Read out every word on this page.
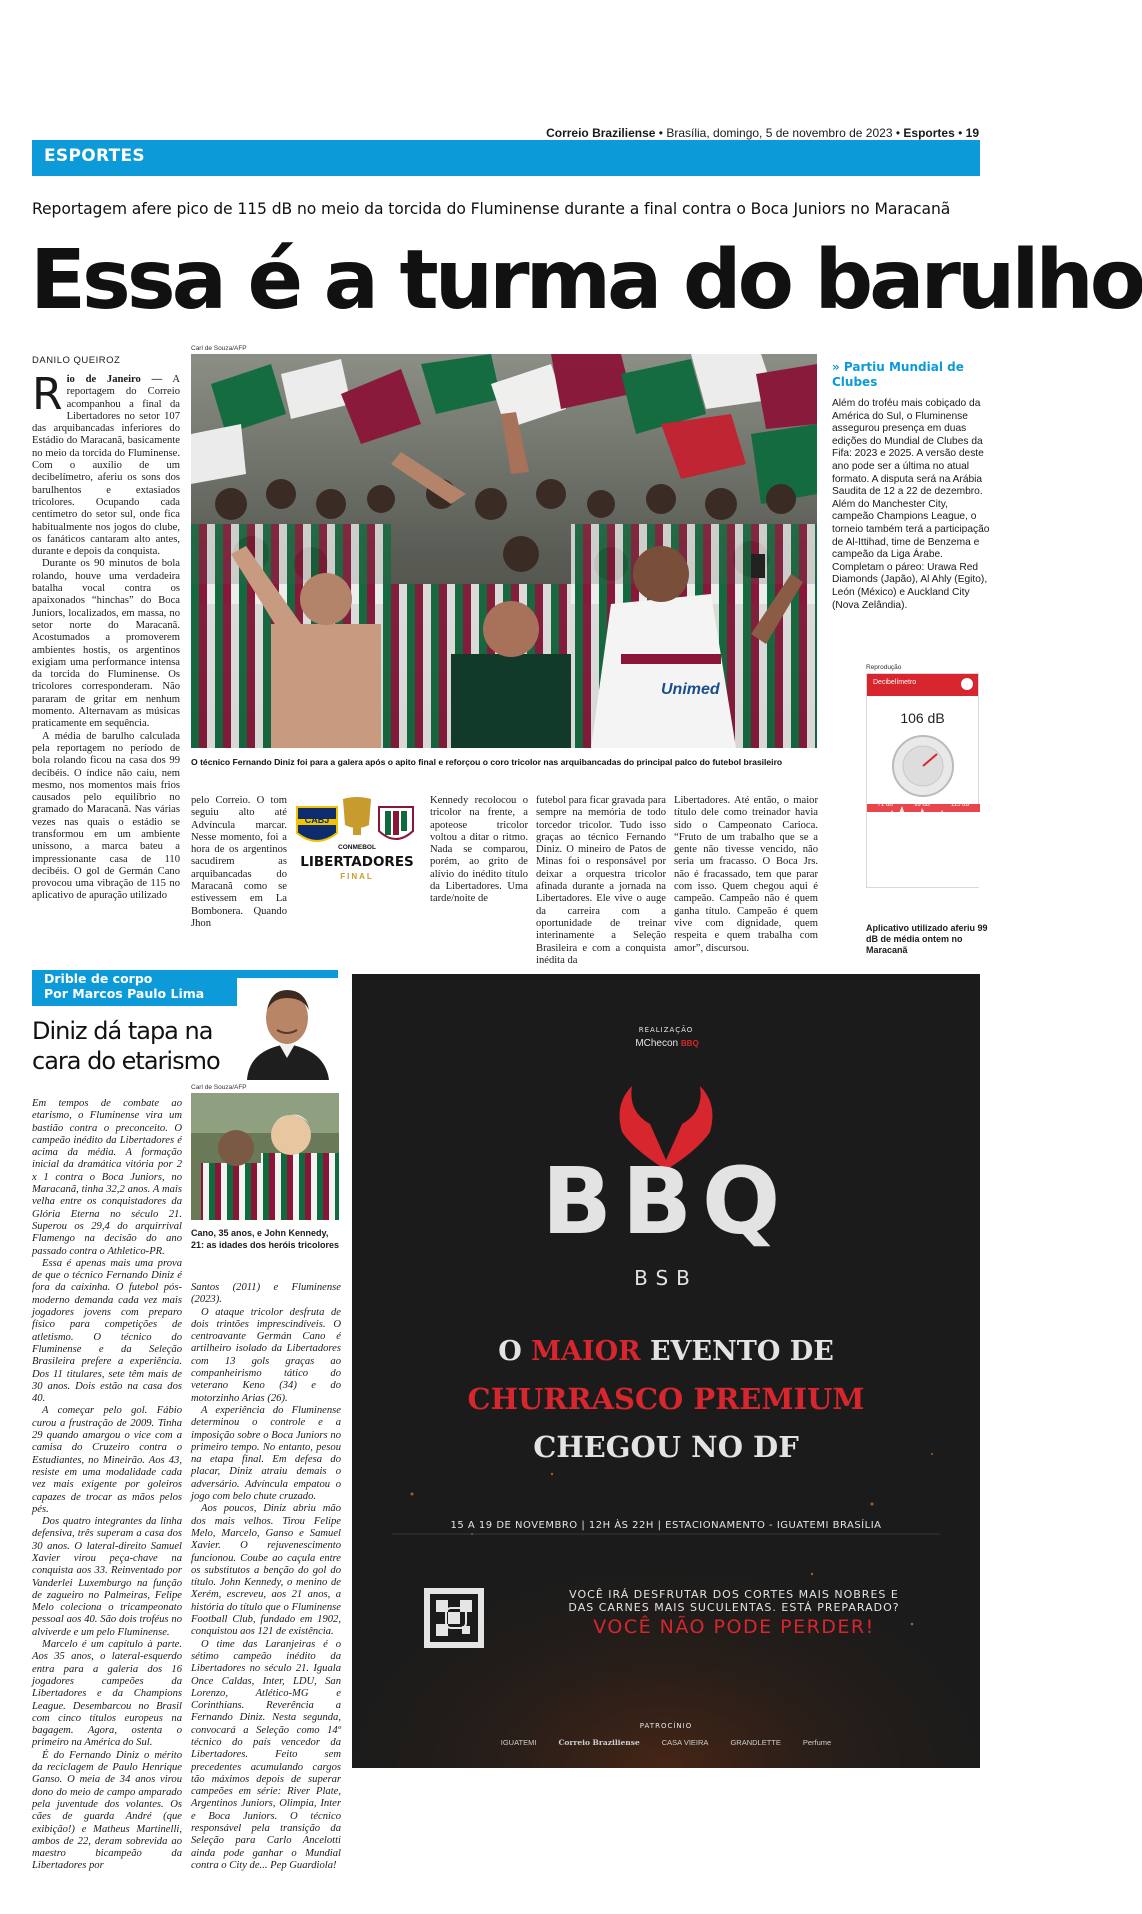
Correio Braziliense • Brasília, domingo, 5 de novembro de 2023 • Esportes • 19
ESPORTES
Reportagem afere pico de 115 dB no meio da torcida do Fluminense durante a final contra o Boca Juniors no Maracanã
Essa é a turma do barulho
DANILO QUEIROZ

Rio de Janeiro — A reportagem do Correio acompanhou a final da Libertadores no setor 107 das arquibancadas inferiores do Estádio do Maracanã, basicamente no meio da torcida do Fluminense. Com o auxílio de um decibelímetro, aferiu os sons dos barulhentos e extasiados tricolores. Ocupando cada centímetro do setor sul, onde fica habitualmente nos jogos do clube, os fanáticos cantaram alto antes, durante e depois da conquista.

Durante os 90 minutos de bola rolando, houve uma verdadeira batalha vocal contra os apaixonados “hinchas” do Boca Juniors, localizados, em massa, no setor norte do Maracanã. Acostumados a promoverem ambientes hostis, os argentinos exigiam uma performance intensa da torcida do Fluminense. Os tricolores corresponderam. Não pararam de gritar em nenhum momento. Alternavam as músicas praticamente em sequência.

A média de barulho calculada pela reportagem no período de bola rolando ficou na casa dos 99 decibéis. O índice não caiu, nem mesmo, nos momentos mais frios causados pelo equilíbrio no gramado do Maracanã. Nas várias vezes nas quais o estádio se transformou em um ambiente uníssono, a marca bateu a impressionante casa de 110 decibéis. O gol de Germán Cano provocou uma vibração de 115 no aplicativo de apuração utilizado

Carl de Souza/AFP
Unimed
O técnico Fernando Diniz foi para a galera após o apito final e reforçou o coro tricolor nas arquibancadas do principal palco do futebol brasileiro
» Partiu Mundial de Clubes
Além do troféu mais cobiçado da América do Sul, o Fluminense assegurou presença em duas edições do Mundial de Clubes da Fifa: 2023 e 2025. A versão deste ano pode ser a última no atual formato. A disputa será na Arábia Saudita de 12 a 22 de dezembro. Além do Manchester City, campeão Champions League, o torneio também terá a participação de Al-Ittihad, time de Benzema e campeão da Liga Árabe. Completam o páreo: Urawa Red Diamonds (Japão), Al Ahly (Egito), León (México) e Auckland City (Nova Zelândia).
Reprodução
Decibelímetro
106 dB
71 dB	99 dB	115 dB
Aplicativo utilizado aferiu 99 dB de média ontem no Maracanã
CABJ
CONMEBOL
LIBERTADORES
FINAL

pelo Correio. O tom seguiu alto até Advíncula marcar. Nesse momento, foi a hora de os argentinos sacudirem as arquibancadas do Maracanã como se estivessem em La Bombonera. Quando Jhon

Kennedy recolocou o tricolor na frente, a apoteose tricolor voltou a ditar o ritmo. Nada se comparou, porém, ao grito de alívio do inédito título da Libertadores. Uma tarde/noite de

futebol para ficar gravada para sempre na memória de todo torcedor tricolor. Tudo isso graças ao técnico Fernando Diniz. O mineiro de Patos de Minas foi o responsável por deixar a orquestra tricolor afinada durante a jornada na Libertadores. Ele vive o auge da carreira com a oportunidade de treinar interinamente a Seleção Brasileira e com a conquista inédita da

Libertadores. Até então, o maior título dele como treinador havia sido o Campeonato Carioca. “Fruto de um trabalho que se a gente não tivesse vencido, não seria um fracasso. O Boca Jrs. não é fracassado, tem que parar com isso. Quem chegou aqui é campeão. Campeão não é quem ganha título. Campeão é quem vive com dignidade, quem respeita e quem trabalha com amor”, discursou.

Drible de corpo
Por Marcos Paulo Lima
Diniz dá tapa na cara do etarismo
Carl de Souza/AFP
Cano, 35 anos, e John Kennedy, 21: as idades dos heróis tricolores

Em tempos de combate ao etarismo, o Fluminense vira um bastião contra o preconceito. O campeão inédito da Libertadores é acima da média. A formação inicial da dramática vitória por 2 x 1 contra o Boca Juniors, no Maracanã, tinha 32,2 anos. A mais velha entre os conquistadores da Glória Eterna no século 21. Superou os 29,4 do arquirrival Flamengo na decisão do ano passado contra o Athletico-PR.

Essa é apenas mais uma prova de que o técnico Fernando Diniz é fora da caixinha. O futebol pós-moderno demanda cada vez mais jogadores jovens com preparo físico para competições de atletismo. O técnico do Fluminense e da Seleção Brasileira prefere a experiência. Dos 11 titulares, sete têm mais de 30 anos. Dois estão na casa dos 40.

A começar pelo gol. Fábio curou a frustração de 2009. Tinha 29 quando amargou o vice com a camisa do Cruzeiro contra o Estudiantes, no Mineirão. Aos 43, resiste em uma modalidade cada vez mais exigente por goleiros capazes de trocar as mãos pelos pés.

Dos quatro integrantes da linha defensiva, três superam a casa dos 30 anos. O lateral-direito Samuel Xavier virou peça-chave na conquista aos 33. Reinventado por Vanderlei Luxemburgo na função de zagueiro no Palmeiras, Felipe Melo coleciona o tricampeonato pessoal aos 40. São dois troféus no alviverde e um pelo Fluminense.

Marcelo é um capítulo à parte. Aos 35 anos, o lateral-esquerdo entra para a galeria dos 16 jogadores campeões da Libertadores e da Champions League. Desembarcou no Brasil com cinco títulos europeus na bagagem. Agora, ostenta o primeiro na América do Sul.

É do Fernando Diniz o mérito da reciclagem de Paulo Henrique Ganso. O meia de 34 anos virou dono do meio de campo amparado pela juventude dos volantes. Os cães de guarda André (que exibição!) e Matheus Martinelli, ambos de 22, deram sobrevida ao maestro bicampeão da Libertadores por

Santos (2011) e Fluminense (2023).

O ataque tricolor desfruta de dois trintões imprescindíveis. O centroavante Germán Cano é artilheiro isolado da Libertadores com 13 gols graças ao companheirismo tático do veterano Keno (34) e do motorzinho Arias (26).

A experiência do Fluminense determinou o controle e a imposição sobre o Boca Juniors no primeiro tempo. No entanto, pesou na etapa final. Em defesa do placar, Diniz atraiu demais o adversário. Advíncula empatou o jogo com belo chute cruzado.

Aos poucos, Diniz abriu mão dos mais velhos. Tirou Felipe Melo, Marcelo, Ganso e Samuel Xavier. O rejuvenescimento funcionou. Coube ao caçula entre os substitutos a benção do gol do título. John Kennedy, o menino de Xerém, escreveu, aos 21 anos, a história do título que o Fluminense Football Club, fundado em 1902, conquistou aos 121 de existência.

O time das Laranjeiras é o sétimo campeão inédito da Libertadores no século 21. Iguala Once Caldas, Inter, LDU, San Lorenzo, Atlético-MG e Corinthians. Reverência a Fernando Diniz. Nesta segunda, convocará a Seleção como 14º técnico do país vencedor da Libertadores. Feito sem precedentes acumulando cargos tão máximos depois de superar campeões em série: River Plate, Argentinos Juniors, Olimpia, Inter e Boca Juniors. O técnico responsável pela transição da Seleção para Carlo Ancelotti ainda pode ganhar o Mundial contra o City de... Pep Guardiola!

REALIZAÇÃO
MChecon BBQ
BBQ
BSB
O MAIOR EVENTO DE
CHURRASCO PREMIUM
CHEGOU NO DF
15 A 19 DE NOVEMBRO | 12H ÀS 22H | ESTACIONAMENTO - IGUATEMI BRASÍLIA
VOCÊ IRÁ DESFRUTAR DOS CORTES MAIS NOBRES E
DAS CARNES MAIS SUCULENTAS. ESTÁ PREPARADO?
VOCÊ NÃO PODE PERDER!
PATROCÍNIO
IGUATEMI	Correio Braziliense	CASA VIEIRA	GRANDLETTE	Perfume
